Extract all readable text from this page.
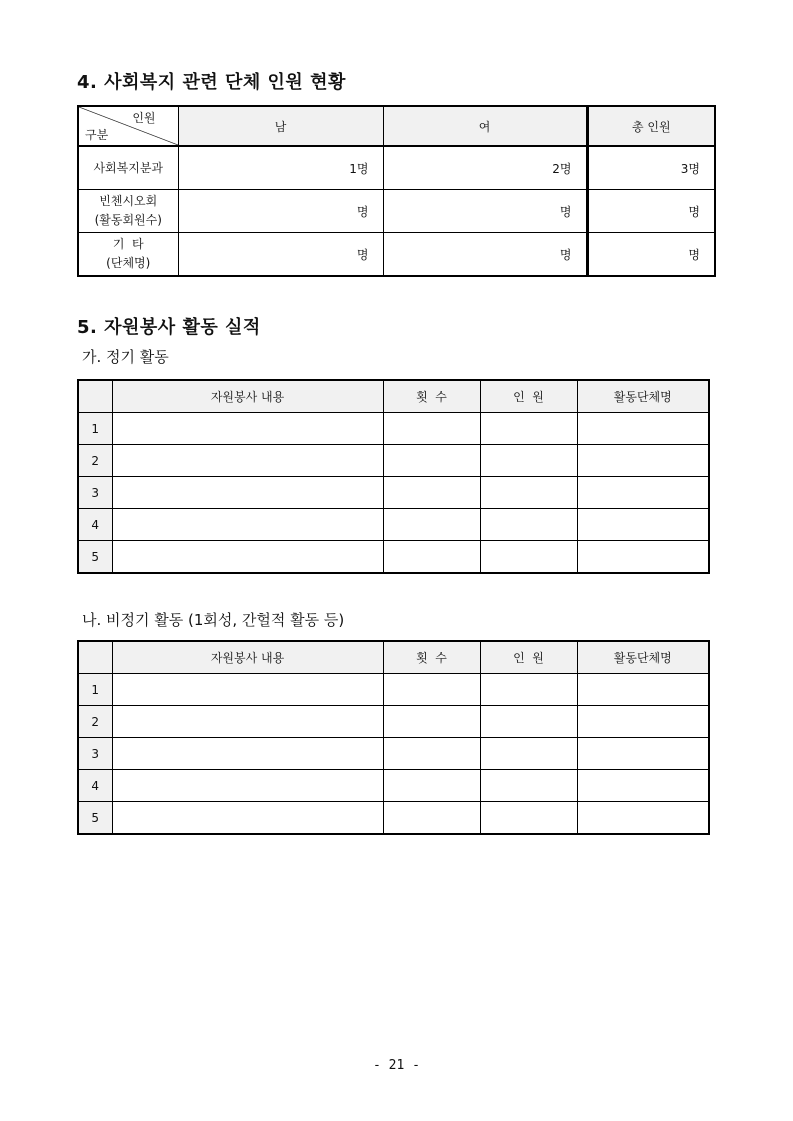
4. 사회복지 관련 단체 인원 현황
인원
구분	남	여	총 인원
사회복지분과	1명	2명	3명
빈첸시오회
(활동회원수)	명	명	명
기  타
(단체명)	명	명	명
5. 자원봉사 활동 실적
가. 정기 활동
	자원봉사 내용	횟  수	인  원	활동단체명
1				
2				
3				
4				
5				
나. 비정기 활동 (1회성, 간헐적 활동 등)
	자원봉사 내용	횟  수	인  원	활동단체명
1				
2				
3				
4				
5				
- 21 -
